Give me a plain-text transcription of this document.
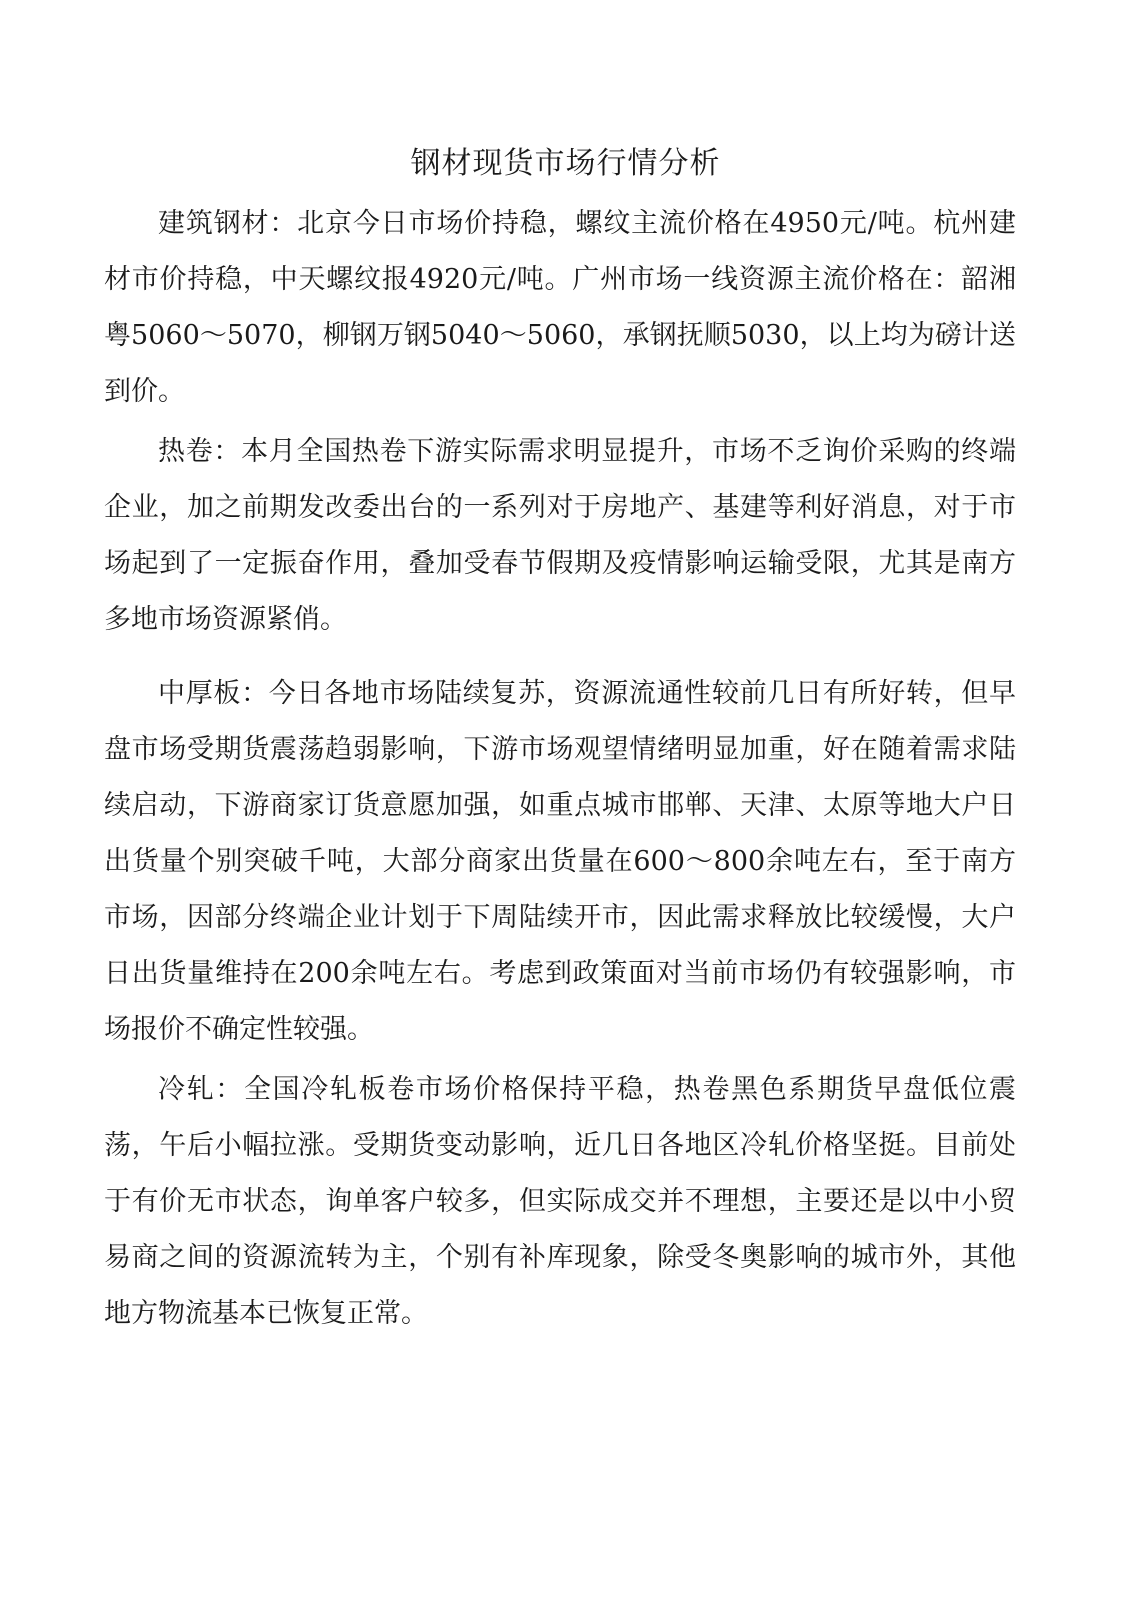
钢材现货市场行情分析

建筑钢材：北京今日市场价持稳，螺纹主流价格在4950元/吨。杭州建材市价持稳，中天螺纹报4920元/吨。广州市场一线资源主流价格在：韶湘粤5060～5070，柳钢万钢5040～5060，承钢抚顺5030，以上均为磅计送到价。

热卷：本月全国热卷下游实际需求明显提升，市场不乏询价采购的终端企业，加之前期发改委出台的一系列对于房地产、基建等利好消息，对于市场起到了一定振奋作用，叠加受春节假期及疫情影响运输受限，尤其是南方多地市场资源紧俏。

中厚板：今日各地市场陆续复苏，资源流通性较前几日有所好转，但早盘市场受期货震荡趋弱影响，下游市场观望情绪明显加重，好在随着需求陆续启动，下游商家订货意愿加强，如重点城市邯郸、天津、太原等地大户日出货量个别突破千吨，大部分商家出货量在600～800余吨左右，至于南方市场，因部分终端企业计划于下周陆续开市，因此需求释放比较缓慢，大户日出货量维持在200余吨左右。考虑到政策面对当前市场仍有较强影响，市场报价不确定性较强。

冷轧：全国冷轧板卷市场价格保持平稳，热卷黑色系期货早盘低位震荡，午后小幅拉涨。受期货变动影响，近几日各地区冷轧价格坚挺。目前处于有价无市状态，询单客户较多，但实际成交并不理想，主要还是以中小贸易商之间的资源流转为主，个别有补库现象，除受冬奥影响的城市外，其他地方物流基本已恢复正常。
